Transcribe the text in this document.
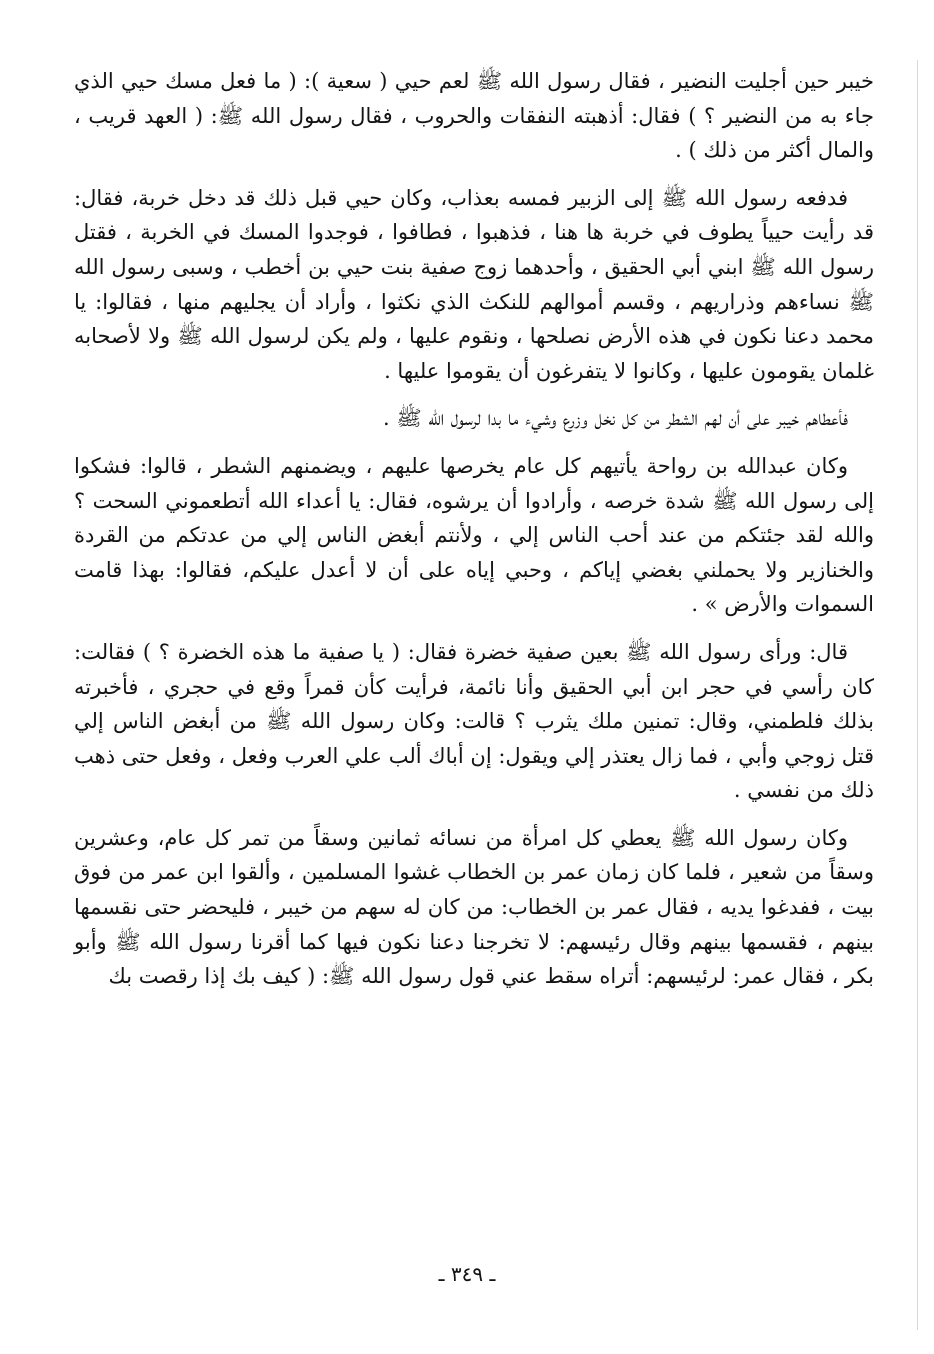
خيبر حين أجليت النضير ، فقال رسول الله ﷺ لعم حيي ( سعية ): ( ما فعل مسك حيي الذي جاء به من النضير ؟ ) فقال: أذهبته النفقات والحروب ، فقال رسول الله ﷺ: ( العهد قريب ، والمال أكثر من ذلك ) .

فدفعه رسول الله ﷺ إلى الزبير فمسه بعذاب، وكان حيي قبل ذلك قد دخل خربة، فقال: قد رأيت حيياً يطوف في خربة ها هنا ، فذهبوا ، فطافوا ، فوجدوا المسك في الخربة ، فقتل رسول الله ﷺ ابني أبي الحقيق ، وأحدهما زوج صفية بنت حيي بن أخطب ، وسبى رسول الله ﷺ نساءهم وذراريهم ، وقسم أموالهم للنكث الذي نكثوا ، وأراد أن يجليهم منها ، فقالوا: يا محمد دعنا نكون في هذه الأرض نصلحها ، ونقوم عليها ، ولم يكن لرسول الله ﷺ ولا لأصحابه غلمان يقومون عليها ، وكانوا لا يتفرغون أن يقوموا عليها .

فأعطاهم خيبر على أن لهم الشطر من كل نخل وزرع وشيء ما بدا لرسول الله ﷺ .

وكان عبدالله بن رواحة يأتيهم كل عام يخرصها عليهم ، ويضمنهم الشطر ، قالوا: فشكوا إلى رسول الله ﷺ شدة خرصه ، وأرادوا أن يرشوه، فقال: يا أعداء الله أتطعموني السحت ؟ والله لقد جئتكم من عند أحب الناس إلي ، ولأنتم أبغض الناس إلي من عدتكم من القردة والخنازير ولا يحملني بغضي إياكم ، وحبي إياه على أن لا أعدل عليكم، فقالوا: بهذا قامت السموات والأرض » .

قال: ورأى رسول الله ﷺ بعين صفية خضرة فقال: ( يا صفية ما هذه الخضرة ؟ ) فقالت: كان رأسي في حجر ابن أبي الحقيق وأنا نائمة، فرأيت كأن قمراً وقع في حجري ، فأخبرته بذلك فلطمني، وقال: تمنين ملك يثرب ؟ قالت: وكان رسول الله ﷺ من أبغض الناس إلي قتل زوجي وأبي ، فما زال يعتذر إلي ويقول: إن أباك ألب علي العرب وفعل ، وفعل حتى ذهب ذلك من نفسي .

وكان رسول الله ﷺ يعطي كل امرأة من نسائه ثمانين وسقاً من تمر كل عام، وعشرين وسقاً من شعير ، فلما كان زمان عمر بن الخطاب غشوا المسلمين ، وألقوا ابن عمر من فوق بيت ، ففدغوا يديه ، فقال عمر بن الخطاب: من كان له سهم من خيبر ، فليحضر حتى نقسمها بينهم ، فقسمها بينهم وقال رئيسهم: لا تخرجنا دعنا نكون فيها كما أقرنا رسول الله ﷺ وأبو بكر ، فقال عمر: لرئيسهم: أتراه سقط عني قول رسول الله ﷺ: ( كيف بك إذا رقصت بك

ـ ٣٤٩ ـ
